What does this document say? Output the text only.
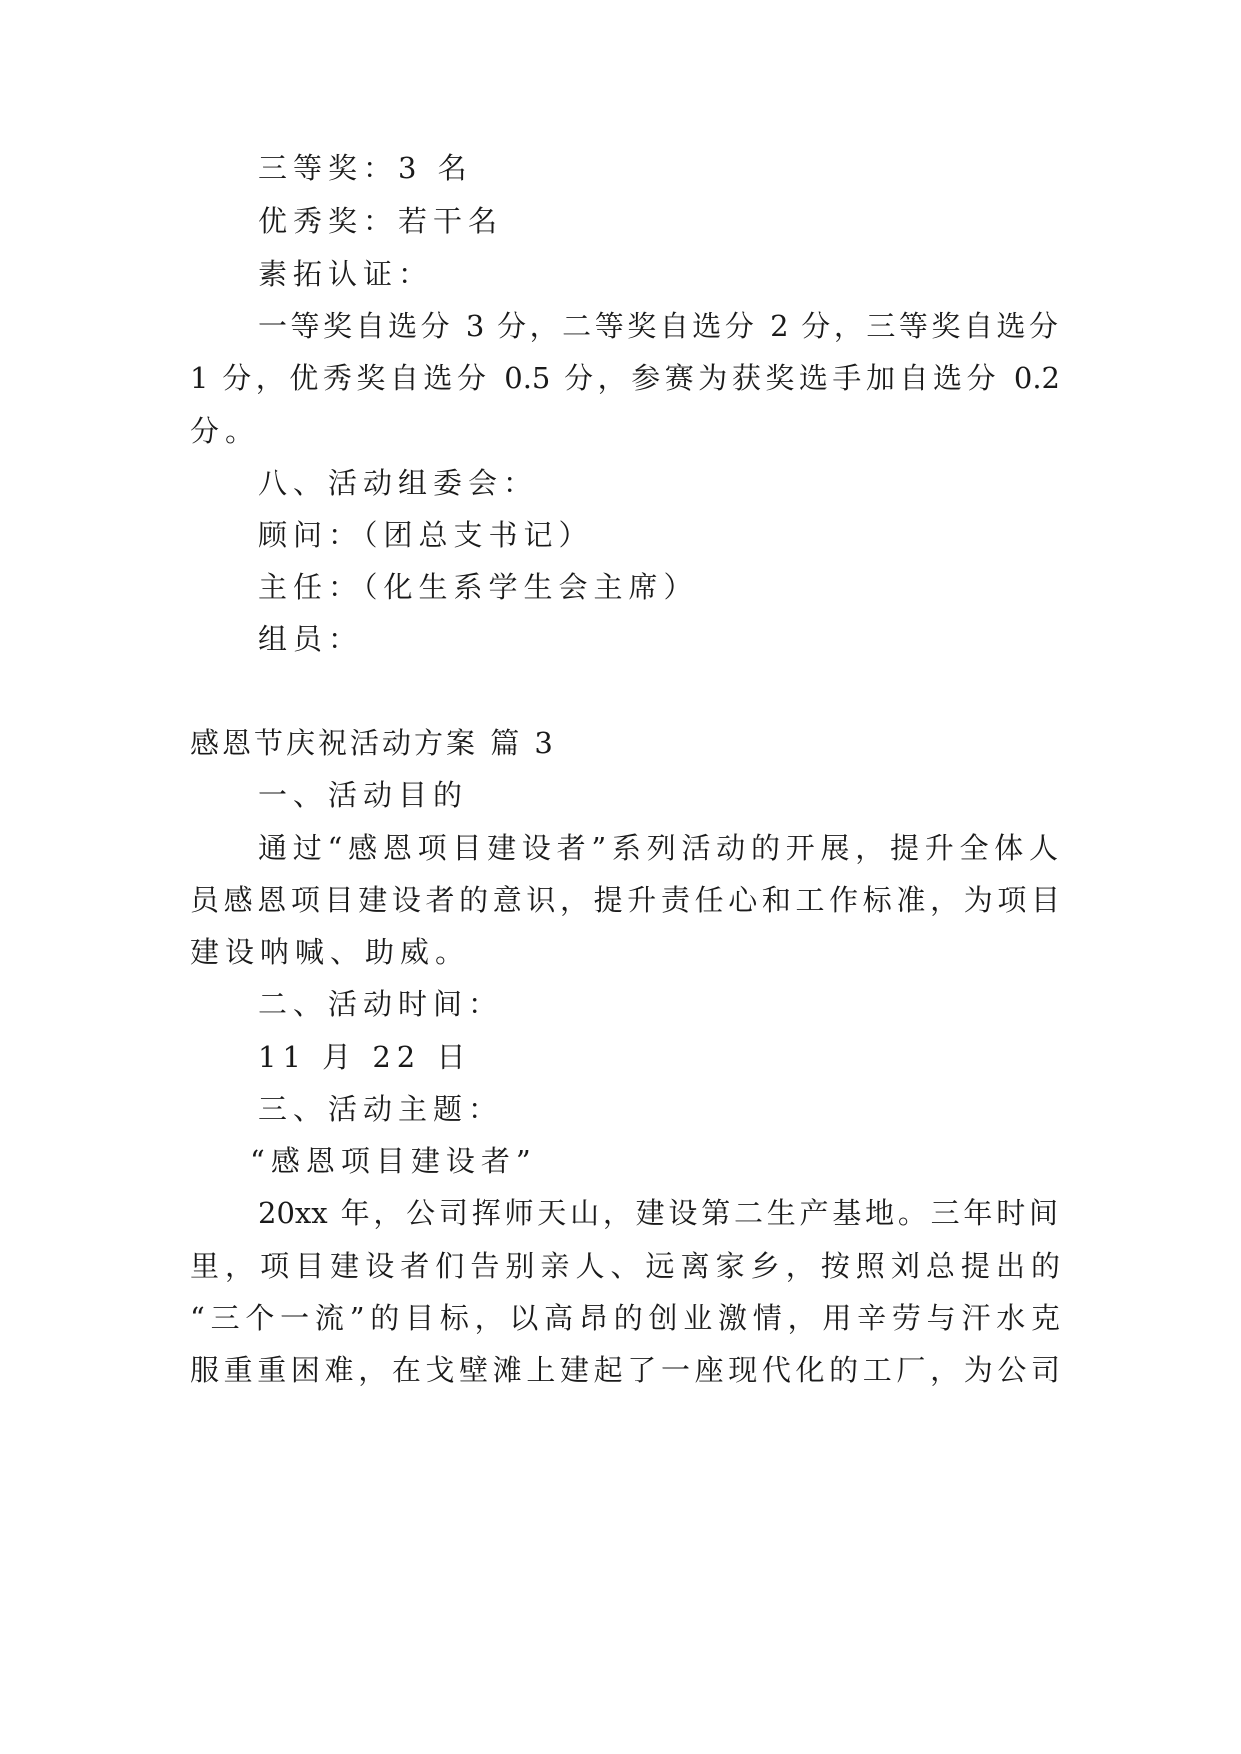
三等奖：3 名
优秀奖：若干名
素拓认证：
一等奖自选分 3 分，二等奖自选分 2 分，三等奖自选分
1 分，优秀奖自选分 0.5 分，参赛为获奖选手加自选分 0.2
分。
八、活动组委会：
顾问：（团总支书记）
主任：（化生系学生会主席）
组员：
感恩节庆祝活动方案 篇 3
一、活动目的
通过“感恩项目建设者”系列活动的开展，提升全体人
员感恩项目建设者的意识，提升责任心和工作标准，为项目
建设呐喊、助威。
二、活动时间：
11 月 22 日
三、活动主题：
“感恩项目建设者”
20xx 年，公司挥师天山，建设第二生产基地。三年时间
里，项目建设者们告别亲人、远离家乡，按照刘总提出的
“三个一流”的目标，以高昂的创业激情，用辛劳与汗水克
服重重困难，在戈壁滩上建起了一座现代化的工厂，为公司
